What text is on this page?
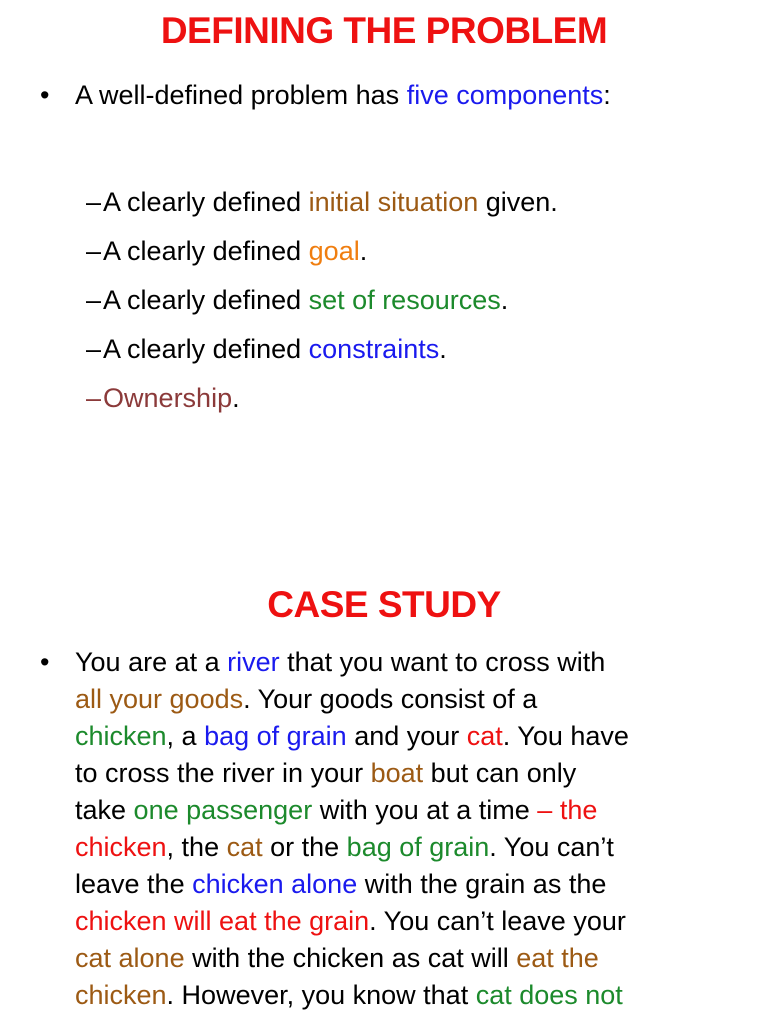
DEFINING THE PROBLEM
• A well-defined problem has five components:
–A clearly defined initial situation given.
–A clearly defined goal.
–A clearly defined set of resources.
–A clearly defined constraints.
–Ownership.
CASE STUDY
• You are at a river that you want to cross with
all your goods. Your goods consist of a
chicken, a bag of grain and your cat. You have
to cross the river in your boat but can only
take one passenger with you at a time – the
chicken, the cat or the bag of grain. You can’t
leave the chicken alone with the grain as the
chicken will eat the grain. You can’t leave your
cat alone with the chicken as cat will eat the
chicken. However, you know that cat does not
